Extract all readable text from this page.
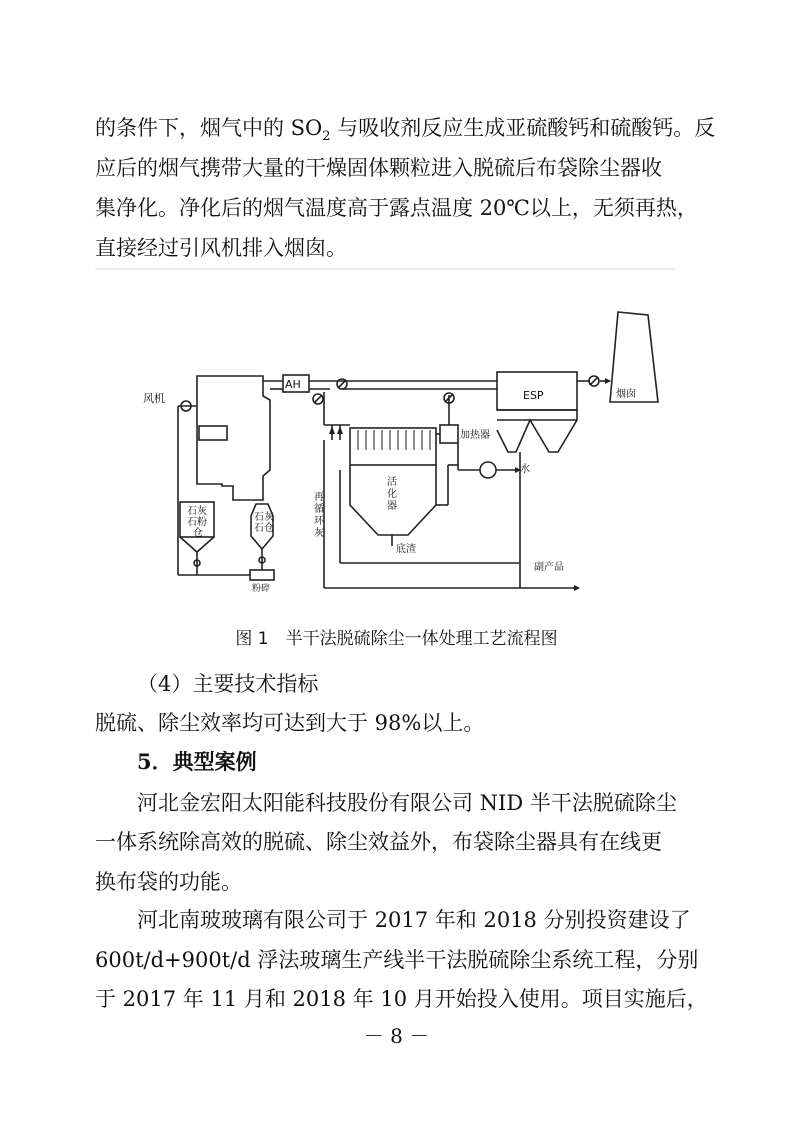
的条件下，烟气中的 $SO_2$ 与吸收剂反应生成亚硫酸钙和硫酸钙。反
应后的烟气携带大量的干燥固体颗粒进入脱硫后布袋除尘器收
集净化。净化后的烟气温度高于露点温度 20℃以上，无须再热，
直接经过引风机排入烟囱。
风机
AH
ESP	烟囱
加热器
水
底渣
副产品
粉碎
活化器
再循环灰
石灰石粉仓
石灰石仓
图 1　半干法脱硫除尘一体处理工艺流程图
（4）主要技术指标
脱硫、除尘效率均可达到大于 98%以上。
5．典型案例
河北金宏阳太阳能科技股份有限公司 NID 半干法脱硫除尘
一体系统除高效的脱硫、除尘效益外，布袋除尘器具有在线更
换布袋的功能。
河北南玻玻璃有限公司于 2017 年和 2018 分别投资建设了
600t/d+900t/d 浮法玻璃生产线半干法脱硫除尘系统工程，分别
于 2017 年 11 月和 2018 年 10 月开始投入使用。项目实施后，
－ 8 －
